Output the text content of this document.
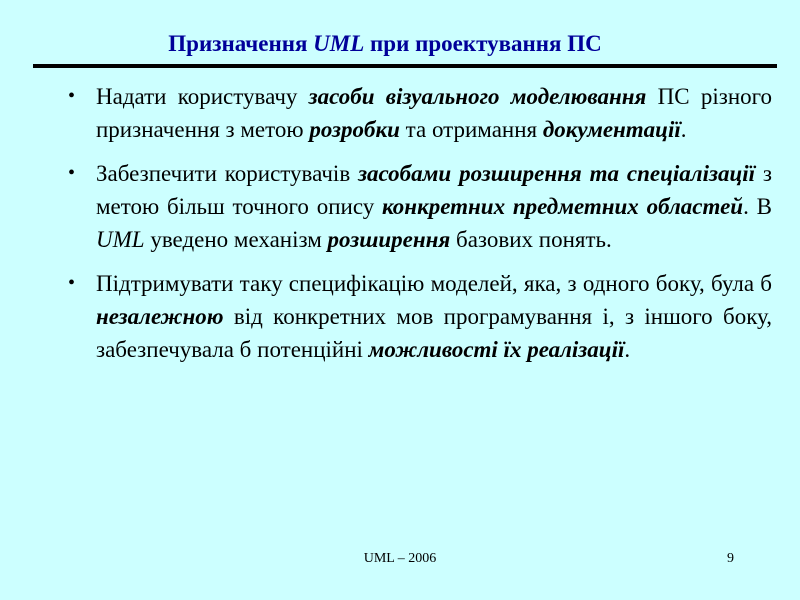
Призначення UML при проектування ПС
• Надати користувачу засоби візуального моделювання ПС різного призначення з метою розробки та отримання документації.
• Забезпечити користувачів засобами розширення та спеціалізації з метою більш точного опису конкретних предметних областей. В UML уведено механізм розширення базових понять.
• Підтримувати таку специфікацію моделей, яка, з одного боку, була б незалежною від конкретних мов програмування і, з іншого боку, забезпечувала б потенційні можливості їх реалізації.
UML – 2006	9
